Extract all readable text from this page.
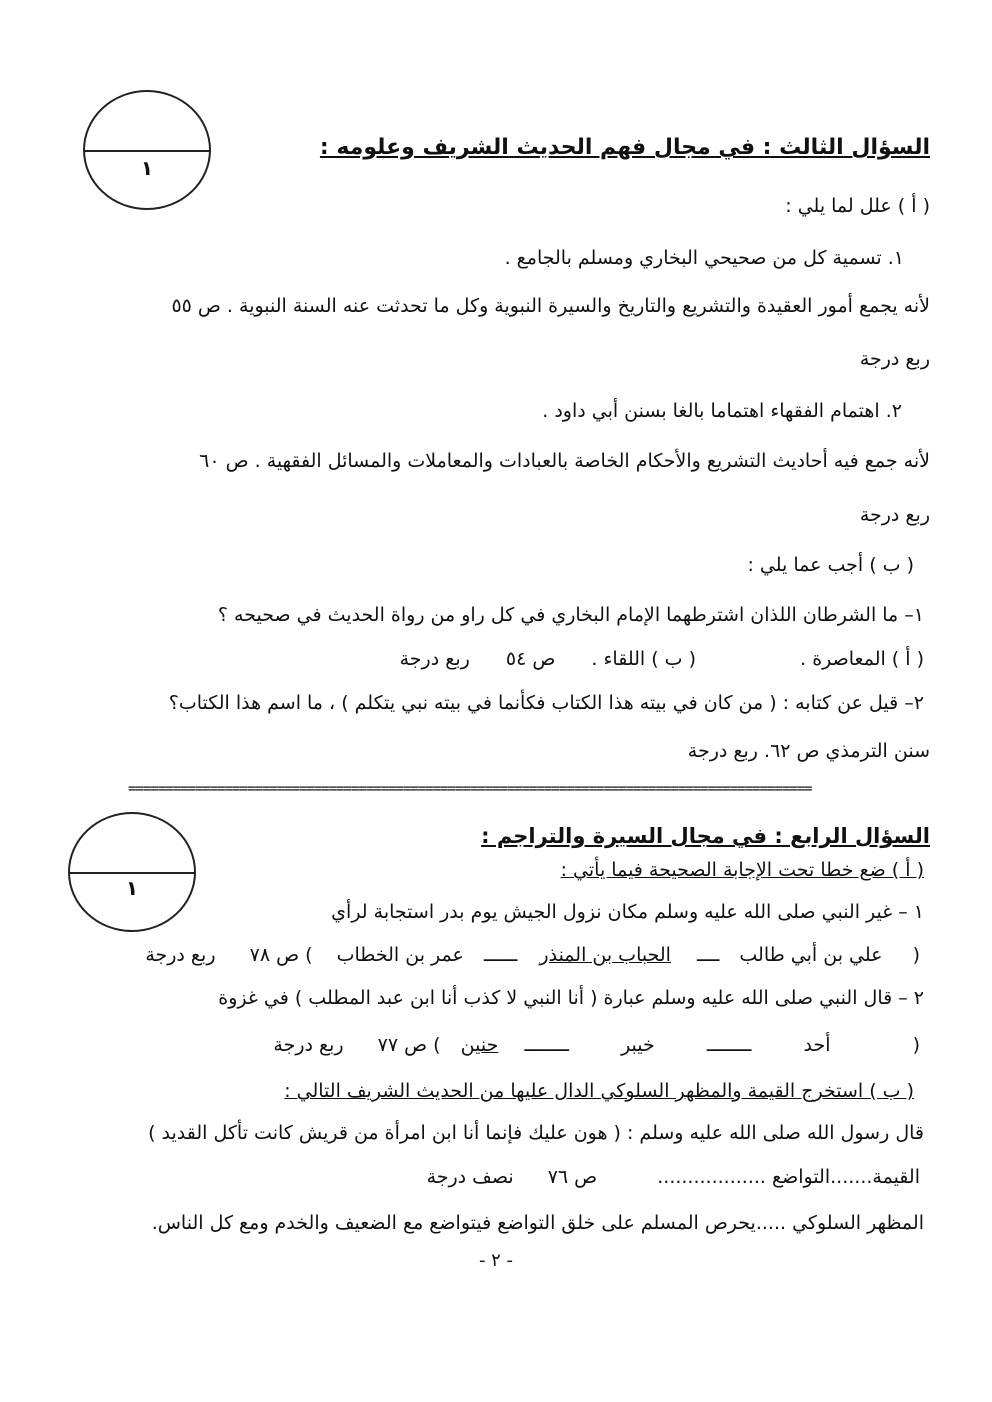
١
السؤال الثالث : في مجال فهم الحديث الشريف وعلومه :
( أ ) علل لما يلي :
١. تسمية كل من صحيحي البخاري ومسلم بالجامع .
لأنه يجمع أمور العقيدة والتشريع والتاريخ والسيرة النبوية وكل ما تحدثت عنه السنة النبوية . ص ٥٥
ربع درجة
٢. اهتمام الفقهاء اهتماما بالغا بسنن أبي داود .
لأنه جمع فيه أحاديث التشريع والأحكام الخاصة بالعبادات والمعاملات والمسائل الفقهية . ص ٦٠
ربع درجة
( ب ) أجب عما يلي :
١– ما الشرطان اللذان اشترطهما الإمام البخاري في كل راو من رواة الحديث في صحيحه ؟
( أ ) المعاصرة .  ( ب ) اللقاء .  ص ٥٤  ربع درجة
٢– قيل عن كتابه : ( من كان في بيته هذا الكتاب فكأنما في بيته نبي يتكلم ) ، ما اسم هذا الكتاب؟
سنن الترمذي ص ٦٢. ربع درجة
============================================================================================
١
السؤال الرابع : في مجال السيرة والتراجم :
( أ ) ضع خطا تحت الإجابة الصحيحة فيما يأتي :
١ – غير النبي صلى الله عليه وسلم مكان نزول الجيش يوم بدر استجابة لرأي
(  علي بن أبي طالب  ــــ  الحباب بن المنذر  ــــــ  عمر بن الخطاب  ) ص ٧٨  ربع درجة
٢ – قال النبي صلى الله عليه وسلم عبارة ( أنا النبي لا كذب أنا ابن عبد المطلب ) في غزوة
(  أحد  ــــــــ  خيبر  ــــــــ  حنين  ) ص ٧٧  ربع درجة
( ب ) استخرج القيمة والمظهر السلوكي الدال عليها من الحديث الشريف التالي :
قال رسول الله صلى الله عليه وسلم : ( هون عليك فإنما أنا ابن امرأة من قريش كانت تأكل القديد )
القيمة.......التواضع ..................  ص ٧٦  نصف درجة
المظهر السلوكي .....يحرص المسلم على خلق التواضع فيتواضع مع الضعيف والخدم ومع كل الناس.
- ٢ -
